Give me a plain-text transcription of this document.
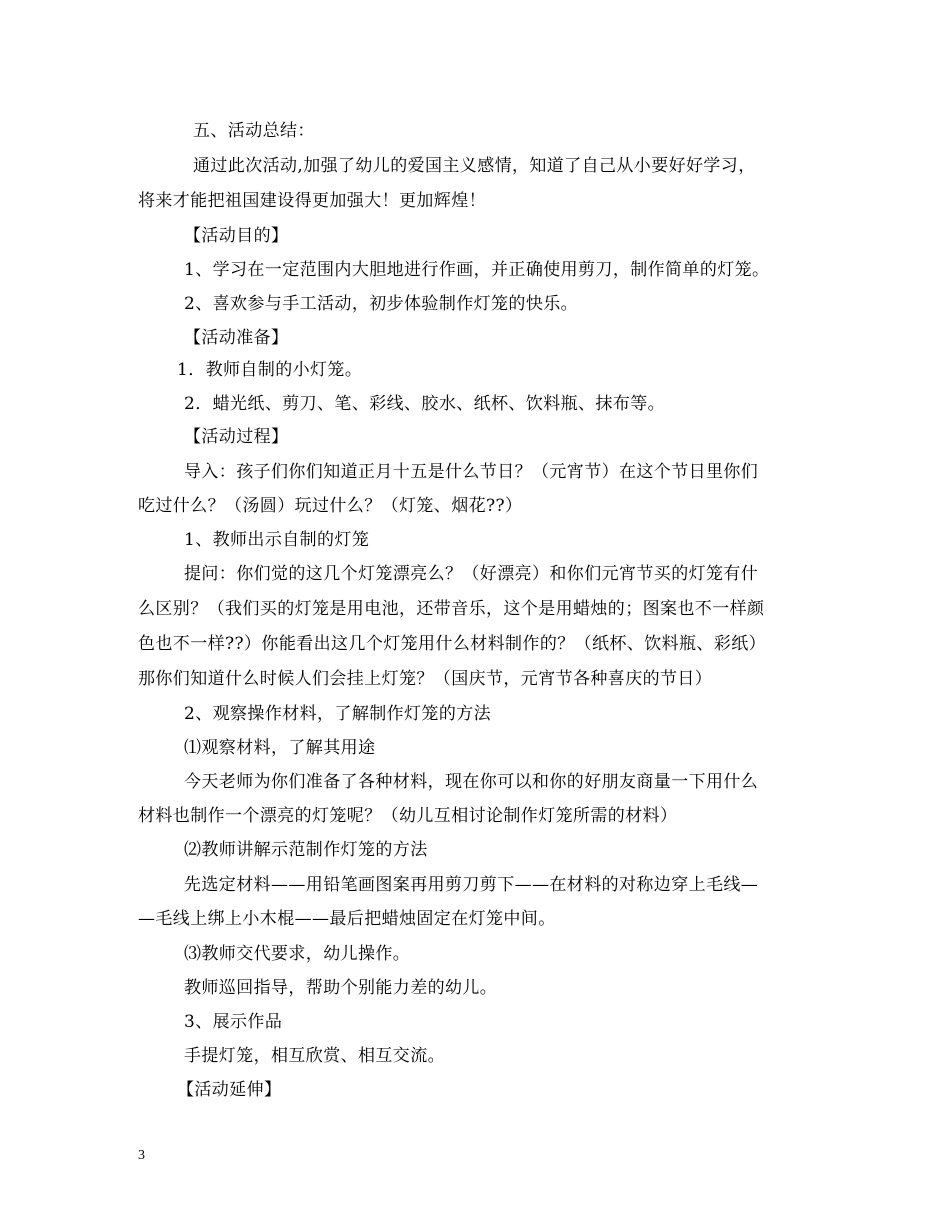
五、活动总结：
通过此次活动,加强了幼儿的爱国主义感情，知道了自己从小要好好学习，
将来才能把祖国建设得更加强大！更加辉煌！
【活动目的】
1、学习在一定范围内大胆地进行作画，并正确使用剪刀，制作简单的灯笼。
2、喜欢参与手工活动，初步体验制作灯笼的快乐。
【活动准备】
1．教师自制的小灯笼。
2．蜡光纸、剪刀、笔、彩线、胶水、纸杯、饮料瓶、抹布等。
【活动过程】
导入：孩子们你们知道正月十五是什么节日？（元宵节）在这个节日里你们
吃过什么？（汤圆）玩过什么？（灯笼、烟花??）
1、教师出示自制的灯笼
提问：你们觉的这几个灯笼漂亮么？（好漂亮）和你们元宵节买的灯笼有什
么区别？（我们买的灯笼是用电池，还带音乐，这个是用蜡烛的；图案也不一样颜
色也不一样??）你能看出这几个灯笼用什么材料制作的？（纸杯、饮料瓶、彩纸）
那你们知道什么时候人们会挂上灯笼？（国庆节，元宵节各种喜庆的节日）
2、观察操作材料，了解制作灯笼的方法
⑴观察材料，了解其用途
今天老师为你们准备了各种材料，现在你可以和你的好朋友商量一下用什么
材料也制作一个漂亮的灯笼呢？（幼儿互相讨论制作灯笼所需的材料）
⑵教师讲解示范制作灯笼的方法
先选定材料——用铅笔画图案再用剪刀剪下——在材料的对称边穿上毛线—
—毛线上绑上小木棍——最后把蜡烛固定在灯笼中间。
⑶教师交代要求，幼儿操作。
教师巡回指导，帮助个别能力差的幼儿。
3、展示作品
手提灯笼，相互欣赏、相互交流。
【活动延伸】
3
